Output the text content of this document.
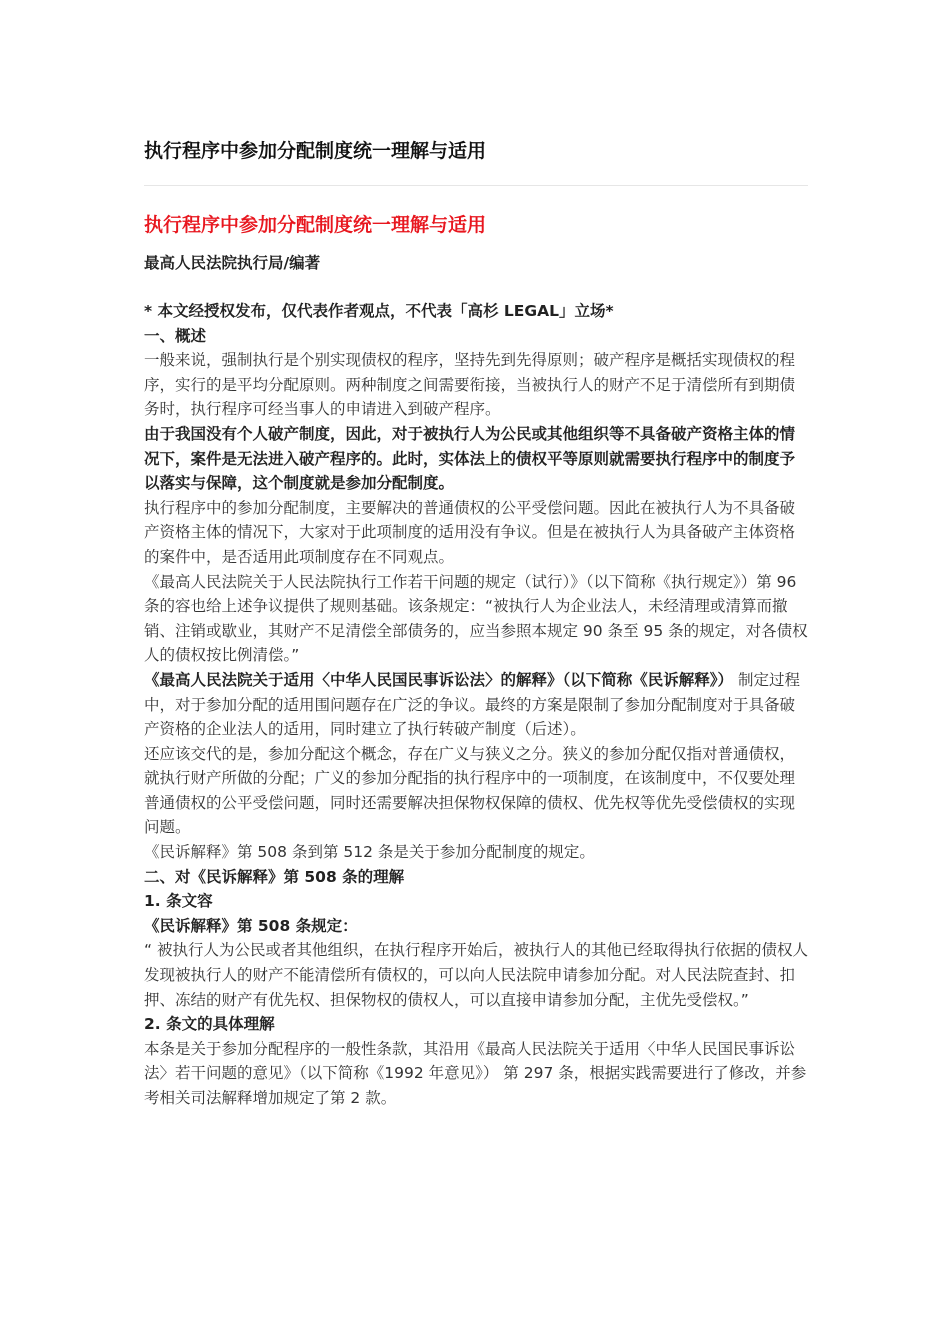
执行程序中参加分配制度统一理解与适用
执行程序中参加分配制度统一理解与适用
最高人民法院执行局/编著

* 本文经授权发布，仅代表作者观点，不代表「高杉 LEGAL」立场*

一、概述

一般来说，强制执行是个别实现债权的程序，坚持先到先得原则；破产程序是概括实现债权的程序，实行的是平均分配原则。两种制度之间需要衔接，当被执行人的财产不足于清偿所有到期债务时，执行程序可经当事人的申请进入到破产程序。

由于我国没有个人破产制度，因此，对于被执行人为公民或其他组织等不具备破产资格主体的情况下，案件是无法进入破产程序的。此时，实体法上的债权平等原则就需要执行程序中的制度予以落实与保障，这个制度就是参加分配制度。

执行程序中的参加分配制度，主要解决的普通债权的公平受偿问题。因此在被执行人为不具备破产资格主体的情况下，大家对于此项制度的适用没有争议。但是在被执行人为具备破产主体资格的案件中，是否适用此项制度存在不同观点。

《最高人民法院关于人民法院执行工作若干问题的规定（试行）》（以下简称《执行规定》）第 96 条的容也给上述争议提供了规则基础。该条规定：“被执行人为企业法人，未经清理或清算而撤销、注销或歇业，其财产不足清偿全部债务的，应当参照本规定 90 条至 95 条的规定，对各债权人的债权按比例清偿。”

《最高人民法院关于适用〈中华人民国民事诉讼法〉的解释》（以下简称《民诉解释》） 制定过程中，对于参加分配的适用围问题存在广泛的争议。最终的方案是限制了参加分配制度对于具备破产资格的企业法人的适用，同时建立了执行转破产制度（后述）。

还应该交代的是，参加分配这个概念，存在广义与狭义之分。狭义的参加分配仅指对普通债权，就执行财产所做的分配；广义的参加分配指的执行程序中的一项制度，在该制度中，不仅要处理普通债权的公平受偿问题，同时还需要解决担保物权保障的债权、优先权等优先受偿债权的实现问题。

《民诉解释》第 508 条到第 512 条是关于参加分配制度的规定。

二、对《民诉解释》第 508 条的理解

1. 条文容

《民诉解释》第 508 条规定：

“ 被执行人为公民或者其他组织，在执行程序开始后，被执行人的其他已经取得执行依据的债权人发现被执行人的财产不能清偿所有债权的，可以向人民法院申请参加分配。对人民法院查封、扣押、冻结的财产有优先权、担保物权的债权人，可以直接申请参加分配，主优先受偿权。”

2. 条文的具体理解

本条是关于参加分配程序的一般性条款，其沿用《最高人民法院关于适用〈中华人民国民事诉讼法〉若干问题的意见》（以下简称《1992 年意见》） 第 297 条，根据实践需要进行了修改，并参考相关司法解释增加规定了第 2 款。
